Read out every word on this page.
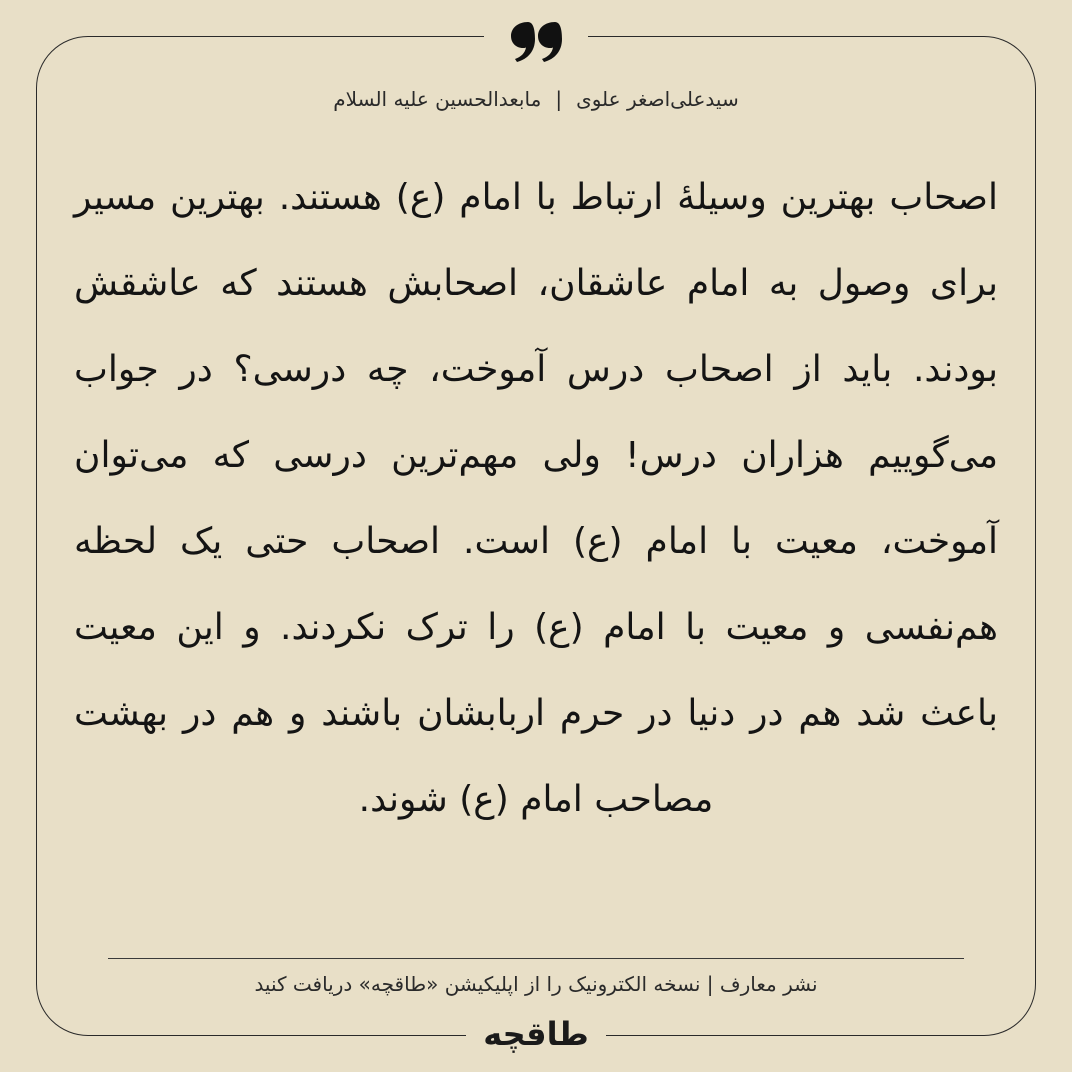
سیدعلی‌اصغر علوی|مابعدالحسین علیه السلام
اصحاب بهترین وسیلهٔ ارتباط با امام (ع) هستند. بهترین مسیر برای وصول به امام عاشقان، اصحابش هستند که عاشقش بودند. باید از اصحاب درس آموخت، چه درسی؟ در جواب می‌گوییم هزاران درس! ولی مهم‌ترین درسی که می‌توان آموخت، معیت با امام (ع) است. اصحاب حتی یک لحظه هم‌نفسی و معیت با امام (ع) را ترک نکردند. و این معیت باعث شد هم در دنیا در حرم اربابشان باشند و هم در بهشت مصاحب امام (ع) شوند.
نشر معارف | نسخه الکترونیک را از اپلیکیشن «طاقچه» دریافت کنید
طاقچه
